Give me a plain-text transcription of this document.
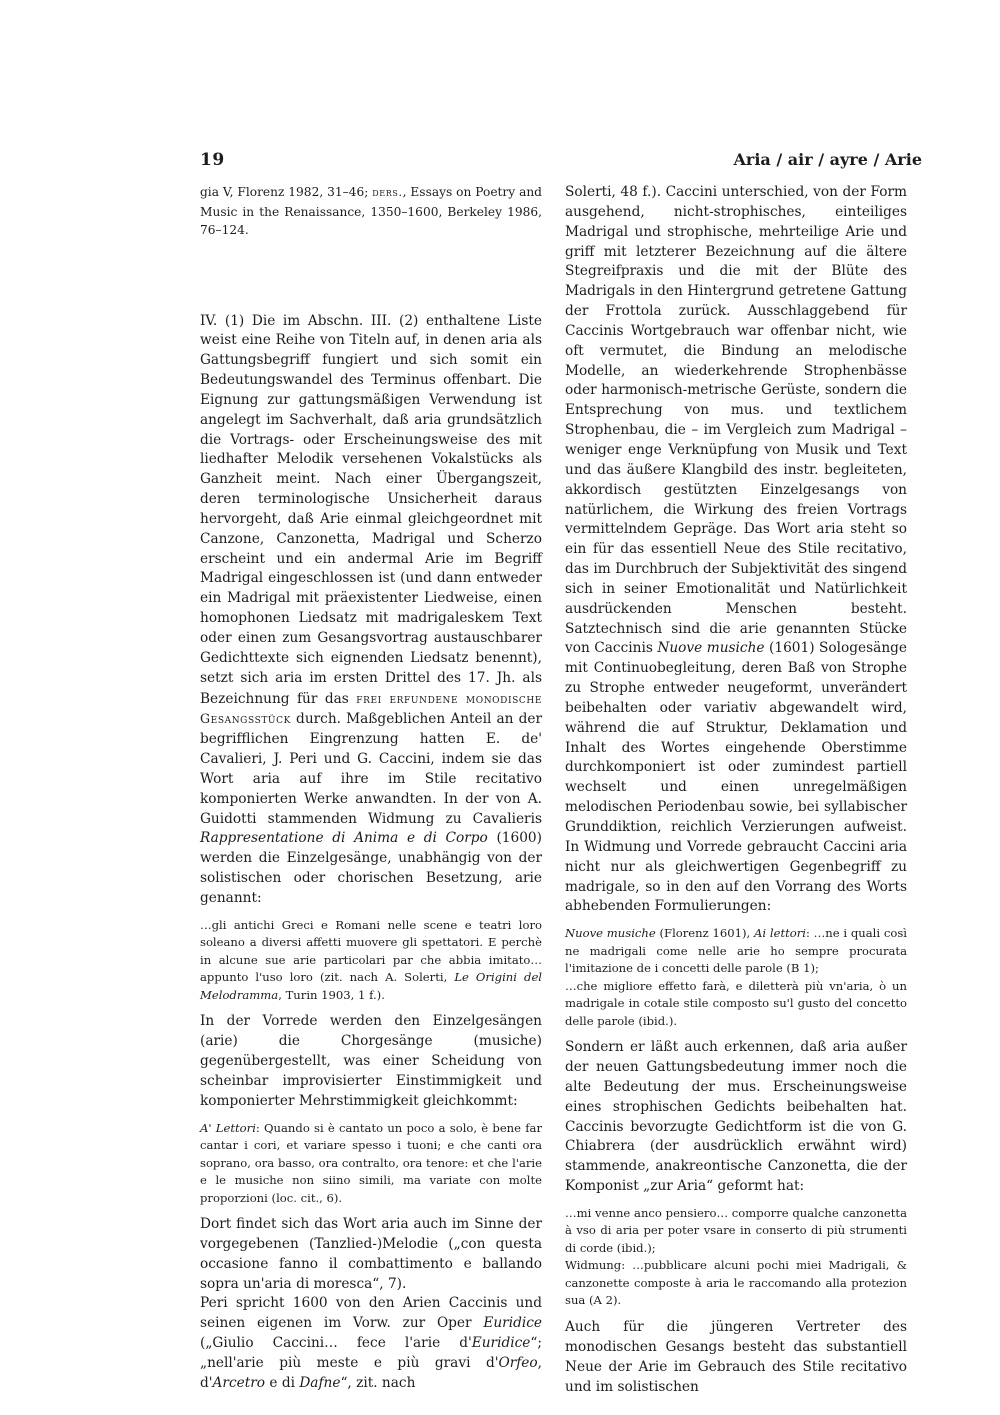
19	Aria / air / ayre / Arie

gia V, Florenz 1982, 31–46; ders., Essays on Poetry and Music in the Renaissance, 1350–1600, Berkeley 1986, 76–124.

IV. (1) Die im Abschn. III. (2) enthaltene Liste weist eine Reihe von Titeln auf, in denen aria als Gattungsbegriff fungiert und sich somit ein Bedeutungswandel des Terminus offenbart. Die Eignung zur gattungsmäßigen Verwendung ist angelegt im Sachverhalt, daß aria grundsätzlich die Vortrags- oder Erscheinungsweise des mit liedhafter Melodik versehenen Vokalstücks als Ganzheit meint. Nach einer Übergangszeit, deren terminologische Unsicherheit daraus hervorgeht, daß Arie einmal gleichgeordnet mit Canzone, Canzonetta, Madrigal und Scherzo erscheint und ein andermal Arie im Begriff Madrigal eingeschlossen ist (und dann entweder ein Madrigal mit präexistenter Liedweise, einen homophonen Liedsatz mit madrigaleskem Text oder einen zum Gesangsvortrag austauschbarer Gedichttexte sich eignenden Liedsatz benennt), setzt sich aria im ersten Drittel des 17. Jh. als Bezeichnung für das frei erfundene monodische Gesangsstück durch. Maßgeblichen Anteil an der begrifflichen Eingrenzung hatten E. de' Cavalieri, J. Peri und G. Caccini, indem sie das Wort aria auf ihre im Stile recitativo komponierten Werke anwandten. In der von A. Guidotti stammenden Widmung zu Cavalieris Rappresentatione di Anima e di Corpo (1600) werden die Einzelgesänge, unabhängig von der solistischen oder chorischen Besetzung, arie genannt:

…gli antichi Greci e Romani nelle scene e teatri loro soleano a diversi affetti muovere gli spettatori. E perchè in alcune sue arie particolari par che abbia imitato… appunto l'uso loro (zit. nach A. Solerti, Le Origini del Melodramma, Turin 1903, 1 f.).

In der Vorrede werden den Einzelgesängen (arie) die Chorgesänge (musiche) gegenübergestellt, was einer Scheidung von scheinbar improvisierter Einstimmigkeit und komponierter Mehrstimmigkeit gleichkommt:

A' Lettori: Quando si è cantato un poco a solo, è bene far cantar i cori, et variare spesso i tuoni; e che canti ora soprano, ora basso, ora contralto, ora tenore: et che l'arie e le musiche non siino simili, ma variate con molte proporzioni (loc. cit., 6).

Dort findet sich das Wort aria auch im Sinne der vorgegebenen (Tanzlied-)Melodie („con questa occasione fanno il combattimento e ballando sopra un'aria di moresca“, 7).

Peri spricht 1600 von den Arien Caccinis und seinen eigenen im Vorw. zur Oper Euridice („Giulio Caccini… fece l'arie d'Euridice“; „nell'arie più meste e più gravi d'Orfeo, d'Arcetro e di Dafne“, zit. nach

Solerti, 48 f.). Caccini unterschied, von der Form ausgehend, nicht-strophisches, einteiliges Madrigal und strophische, mehrteilige Arie und griff mit letzterer Bezeichnung auf die ältere Stegreifpraxis und die mit der Blüte des Madrigals in den Hintergrund getretene Gattung der Frottola zurück. Ausschlaggebend für Caccinis Wortgebrauch war offenbar nicht, wie oft vermutet, die Bindung an melodische Modelle, an wiederkehrende Strophenbässe oder harmonisch-metrische Gerüste, sondern die Entsprechung von mus. und textlichem Strophenbau, die – im Vergleich zum Madrigal – weniger enge Verknüpfung von Musik und Text und das äußere Klangbild des instr. begleiteten, akkordisch gestützten Einzelgesangs von natürlichem, die Wirkung des freien Vortrags vermittelndem Gepräge. Das Wort aria steht so ein für das essentiell Neue des Stile recitativo, das im Durchbruch der Subjektivität des singend sich in seiner Emotionalität und Natürlichkeit ausdrückenden Menschen besteht. Satztechnisch sind die arie genannten Stücke von Caccinis Nuove musiche (1601) Sologesänge mit Continuobegleitung, deren Baß von Strophe zu Strophe entweder neugeformt, unverändert beibehalten oder variativ abgewandelt wird, während die auf Struktur, Deklamation und Inhalt des Wortes eingehende Oberstimme durchkomponiert ist oder zumindest partiell wechselt und einen unregelmäßigen melodischen Periodenbau sowie, bei syllabischer Grunddiktion, reichlich Verzierungen aufweist. In Widmung und Vorrede gebraucht Caccini aria nicht nur als gleichwertigen Gegenbegriff zu madrigale, so in den auf den Vorrang des Worts abhebenden Formulierungen:

Nuove musiche (Florenz 1601), Ai lettori: …ne i quali così ne madrigali come nelle arie ho sempre procurata l'imitazione de i concetti delle parole (B 1);

…che migliore effetto farà, e diletterà più vn'aria, ò un madrigale in cotale stile composto su'l gusto del concetto delle parole (ibid.).

Sondern er läßt auch erkennen, daß aria außer der neuen Gattungsbedeutung immer noch die alte Bedeutung der mus. Erscheinungsweise eines strophischen Gedichts beibehalten hat. Caccinis bevorzugte Gedichtform ist die von G. Chiabrera (der ausdrücklich erwähnt wird) stammende, anakreontische Canzonetta, die der Komponist „zur Aria“ geformt hat:

…mi venne anco pensiero… comporre qualche canzonetta à vso di aria per poter vsare in conserto di più strumenti di corde (ibid.);

Widmung: …pubblicare alcuni pochi miei Madrigali, & canzonette composte à aria le raccomando alla protezion sua (A 2).

Auch für die jüngeren Vertreter des monodischen Gesangs besteht das substantiell Neue der Arie im Gebrauch des Stile recitativo und im solistischen
